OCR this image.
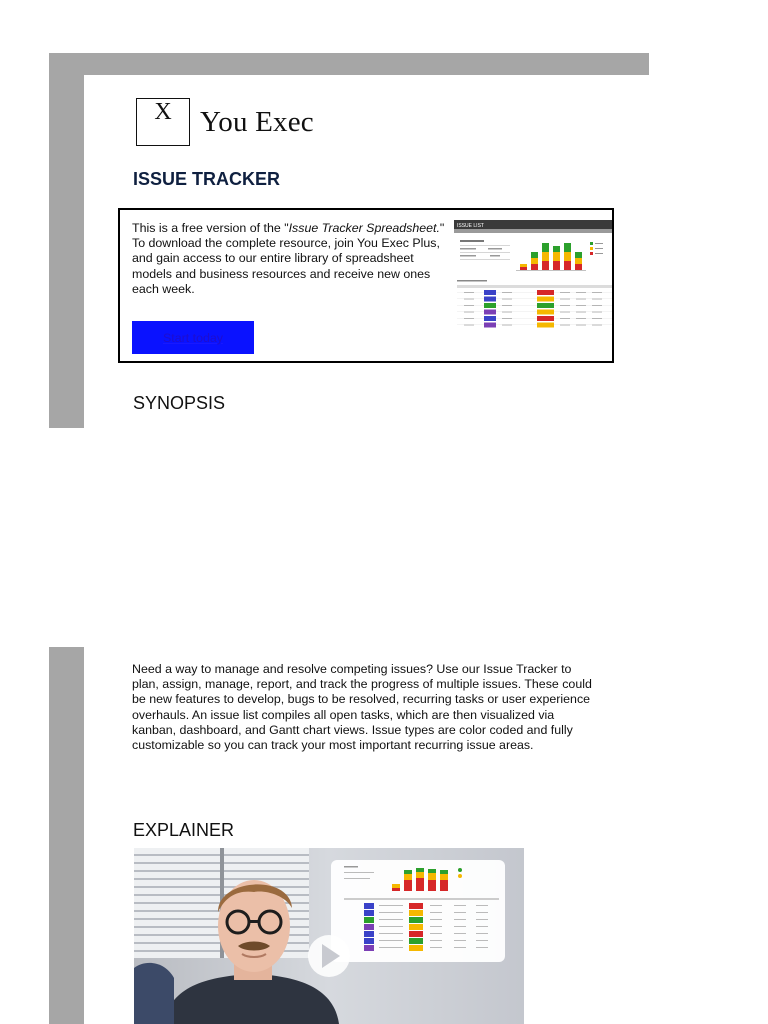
X You Exec
ISSUE TRACKER
This is a free version of the "Issue Tracker Spreadsheet." To download the complete resource, join You Exec Plus, and gain access to our entire library of spreadsheet models and business resources and receive new ones each week.
Start today
ISSUE LIST
SYNOPSIS

Need a way to manage and resolve competing issues? Use our Issue Tracker to plan, assign, manage, report, and track the progress of multiple issues. These could be new features to develop, bugs to be resolved, recurring tasks or user experience overhauls. An issue list compiles all open tasks, which are then visualized via kanban, dashboard, and Gantt chart views. Issue types are color coded and fully customizable so you can track your most important recurring issue areas.

EXPLAINER
